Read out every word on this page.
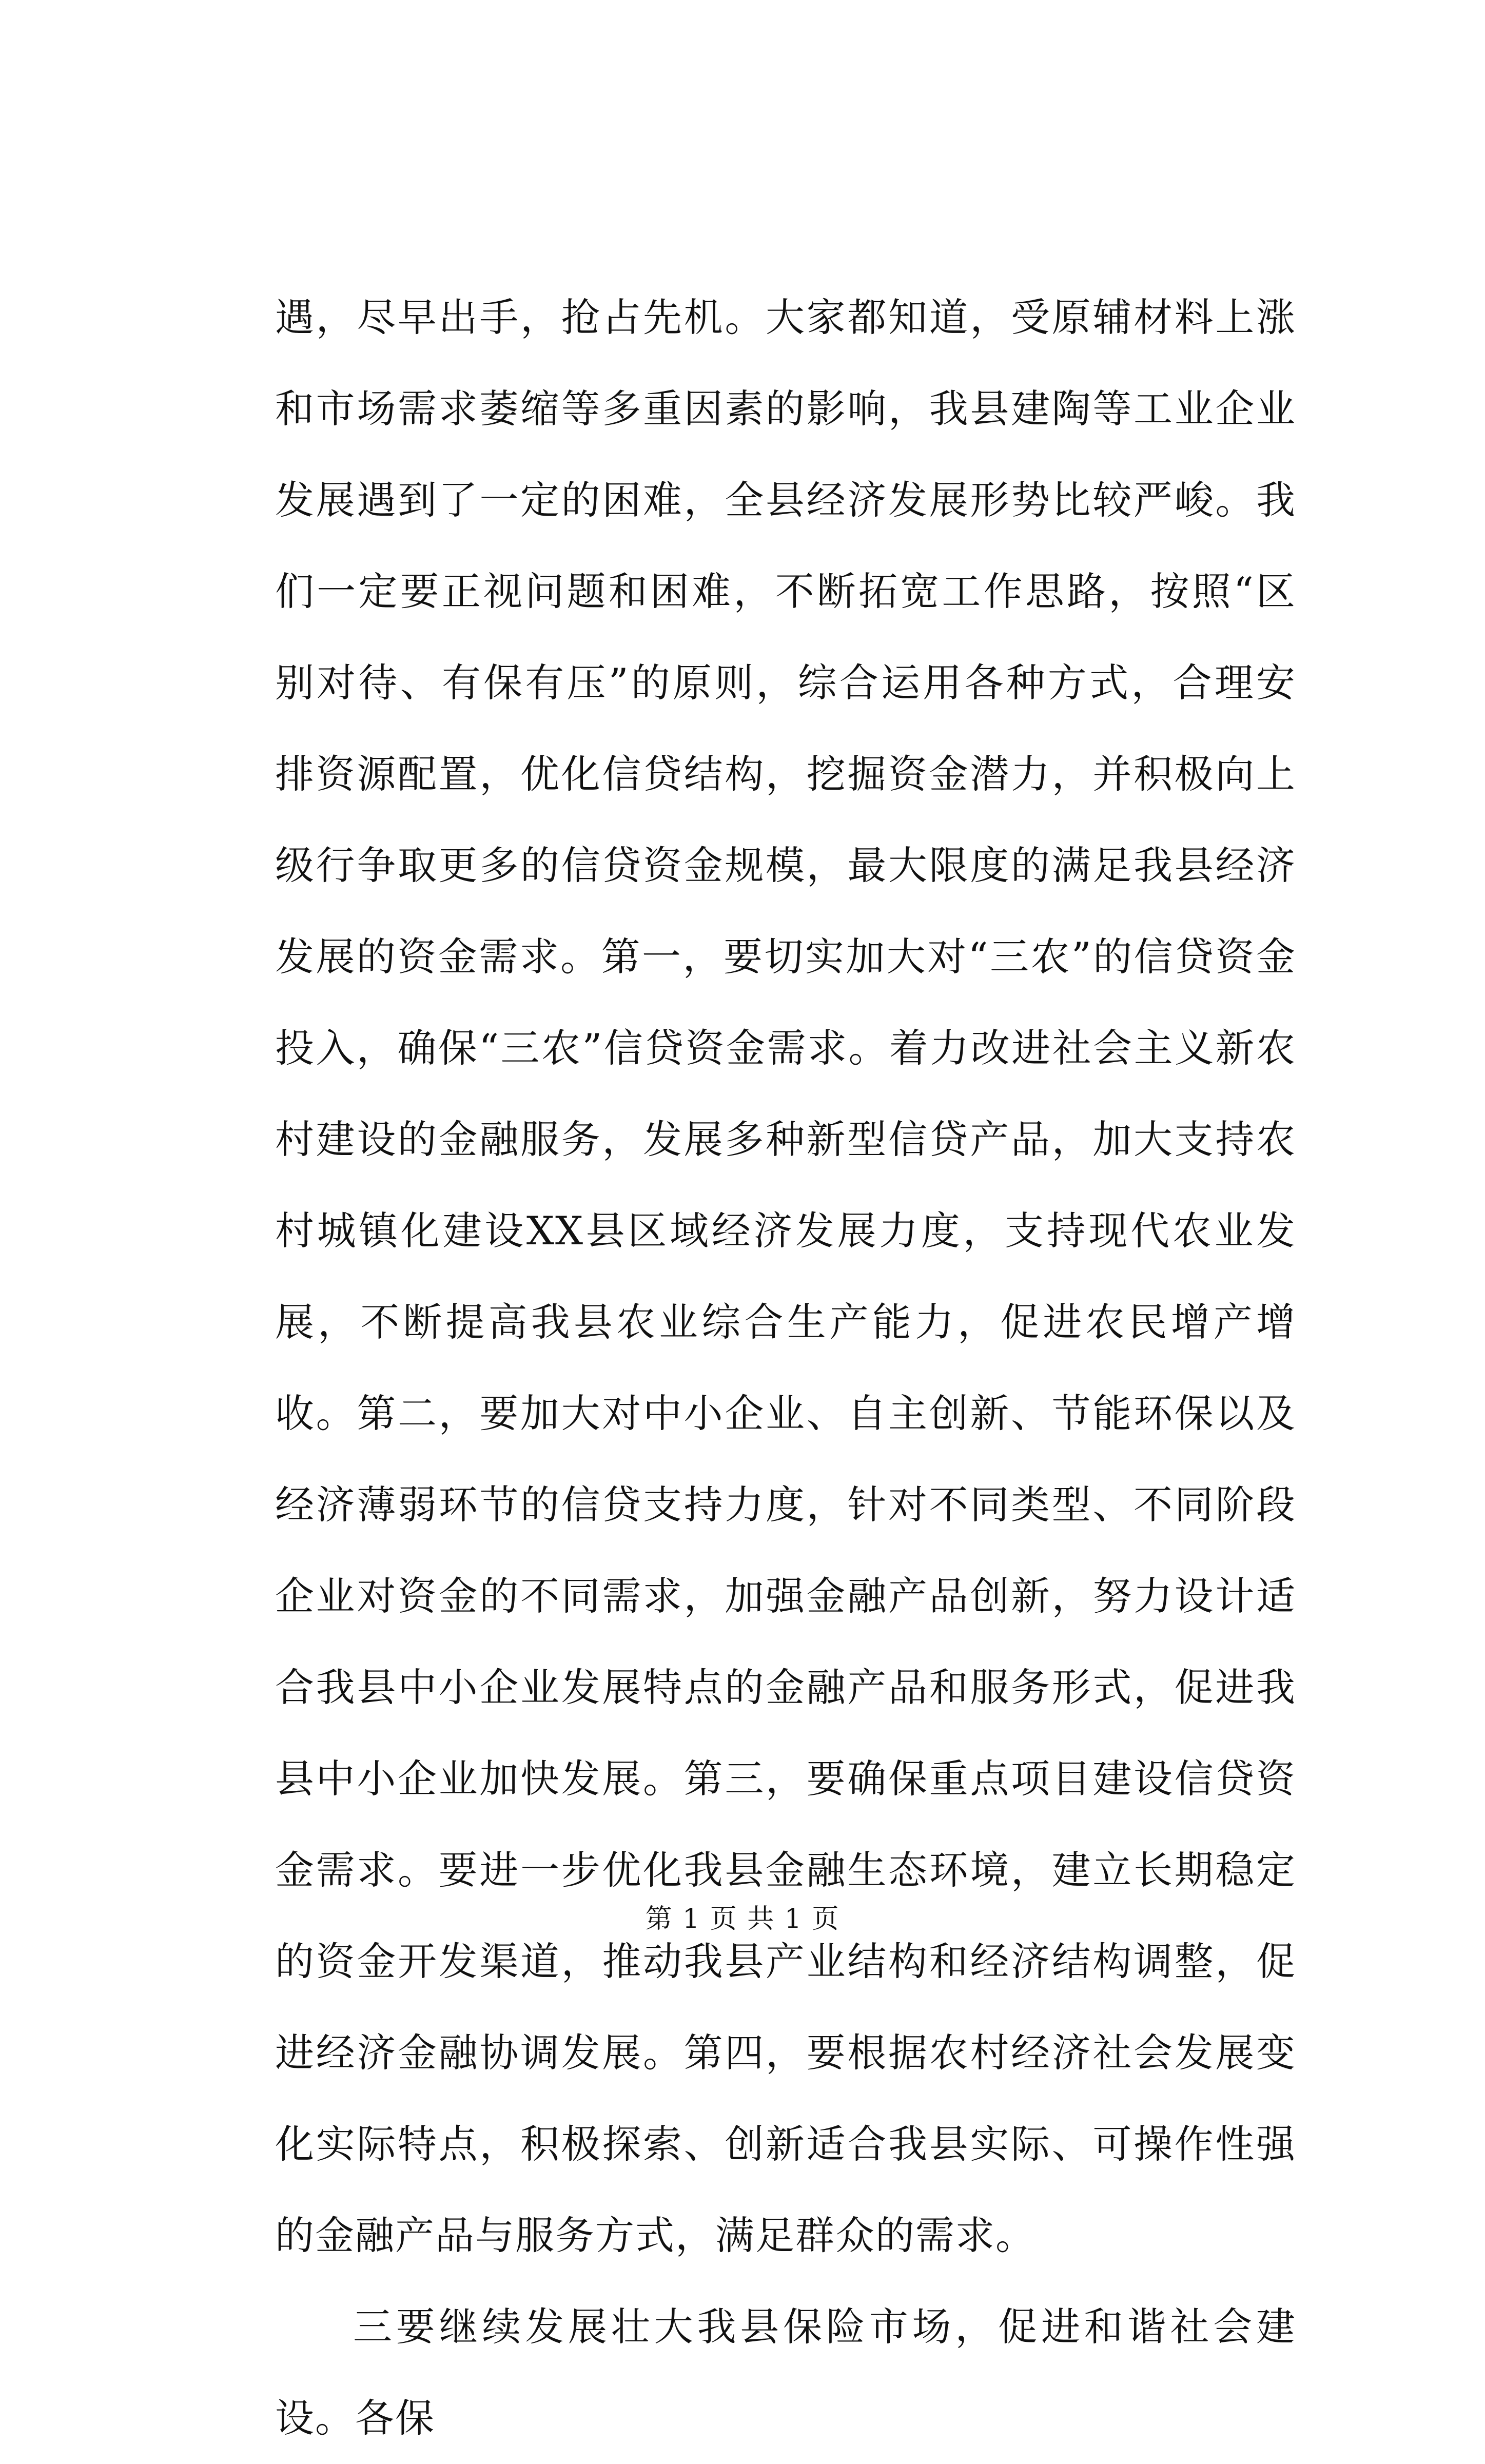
遇，尽早出手，抢占先机。大家都知道，受原辅材料上涨和市场需求萎缩等多重因素的影响，我县建陶等工业企业发展遇到了一定的困难，全县经济发展形势比较严峻。我们一定要正视问题和困难，不断拓宽工作思路，按照“区别对待、有保有压”的原则，综合运用各种方式，合理安排资源配置，优化信贷结构，挖掘资金潜力，并积极向上级行争取更多的信贷资金规模，最大限度的满足我县经济发展的资金需求。第一，要切实加大对“三农”的信贷资金投入，确保“三农”信贷资金需求。着力改进社会主义新农村建设的金融服务，发展多种新型信贷产品，加大支持农村城镇化建设XX县区域经济发展力度，支持现代农业发展，不断提高我县农业综合生产能力，促进农民增产增收。第二，要加大对中小企业、自主创新、节能环保以及经济薄弱环节的信贷支持力度，针对不同类型、不同阶段企业对资金的不同需求，加强金融产品创新，努力设计适合我县中小企业发展特点的金融产品和服务形式，促进我县中小企业加快发展。第三，要确保重点项目建设信贷资金需求。要进一步优化我县金融生态环境，建立长期稳定的资金开发渠道，推动我县产业结构和经济结构调整，促进经济金融协调发展。第四，要根据农村经济社会发展变化实际特点，积极探索、创新适合我县实际、可操作性强的金融产品与服务方式，满足群众的需求。

三要继续发展壮大我县保险市场，促进和谐社会建设。各保

第 1 页 共 1 页
